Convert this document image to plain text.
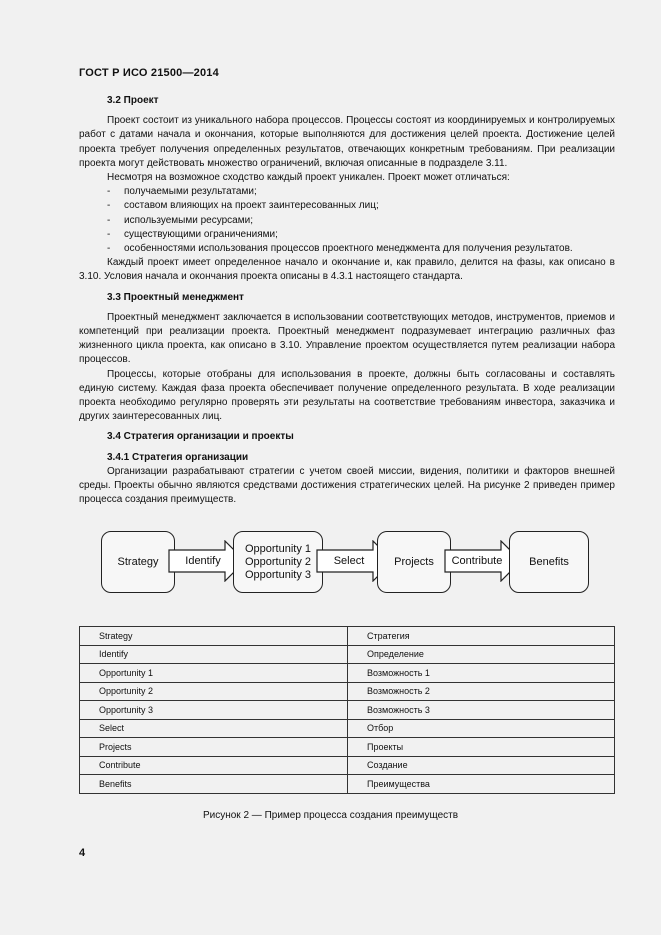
ГОСТ Р ИСО 21500—2014
3.2 Проект

Проект состоит из уникального набора процессов. Процессы состоят из координируемых и контролируемых работ с датами начала и окончания, которые выполняются для достижения целей проекта. Достижение целей проекта требует получения определенных результатов, отвечающих конкретным требованиям. При реализации проекта могут действовать множество ограничений, включая описанные в подразделе 3.11.

Несмотря на возможное сходство каждый проект уникален. Проект может отличаться:

- получаемыми результатами;
- составом влияющих на проект заинтересованных лиц;
- используемыми ресурсами;
- существующими ограничениями;
- особенностями использования процессов проектного менеджмента для получения результатов.

Каждый проект имеет определенное начало и окончание и, как правило, делится на фазы, как описано в 3.10. Условия начала и окончания проекта описаны в 4.3.1 настоящего стандарта.

3.3 Проектный менеджмент

Проектный менеджмент заключается в использовании соответствующих методов, инструментов, приемов и компетенций при реализации проекта. Проектный менеджмент подразумевает интеграцию различных фаз жизненного цикла проекта, как описано в 3.10. Управление проектом осуществляется путем реализации набора процессов.

Процессы, которые отобраны для использования в проекте, должны быть согласованы и составлять единую систему. Каждая фаза проекта обеспечивает получение определенного результата. В ходе реализации проекта необходимо регулярно проверять эти результаты на соответствие требованиям инвестора, заказчика и других заинтересованных лиц.

3.4 Стратегия организации и проекты
3.4.1 Стратегия организации

Организации разрабатывают стратегии с учетом своей миссии, видения, политики и факторов внешней среды. Проекты обычно являются средствами достижения стратегических целей. На рисунке 2 приведен пример процесса создания преимуществ.

Strategy	Identify
Opportunity 1
Opportunity 2
Opportunity 3
Select	Projects	Contribute	Benefits
Strategy	Стратегия
Identify	Определение
Opportunity 1	Возможность 1
Opportunity 2	Возможность 2
Opportunity 3	Возможность 3
Select	Отбор
Projects	Проекты
Contribute	Создание
Benefits	Преимущества
Рисунок 2 — Пример процесса создания преимуществ
4
